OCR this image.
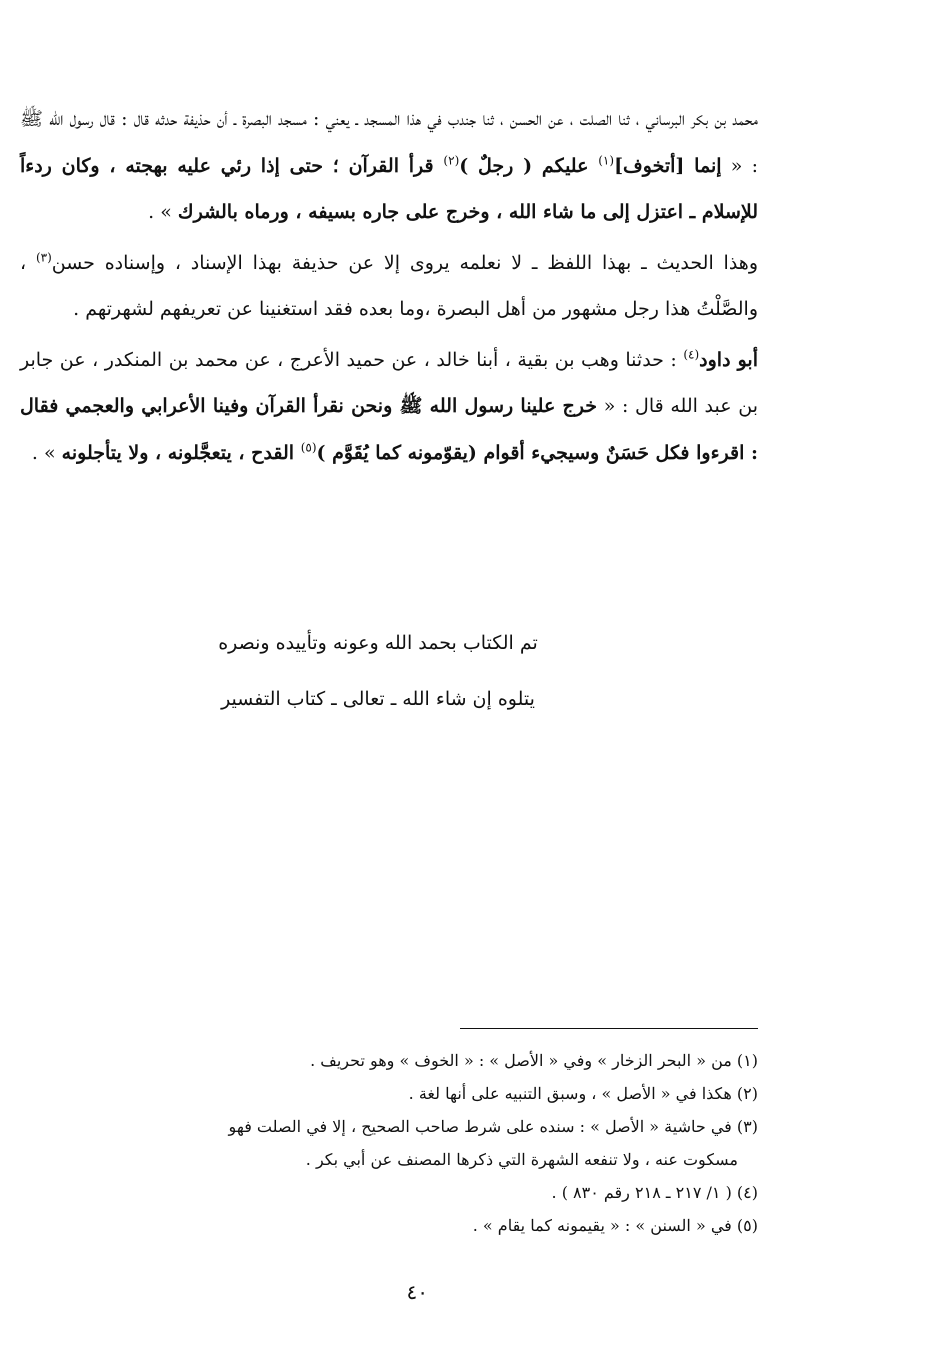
محمد بن بكر البرساني ، ثنا الصلت ، عن الحسن ، ثنا جندب في هذا المسجد ـ يعني : مسجد البصرة ـ أن حذيفة حدثه قال : قال رسول الله ﷺ : « إنما [أتخوف]$^{(١)}$ عليكم ( رجلٌ )$^{(٢)}$ قرأ القرآن ؛ حتى إذا رئي عليه بهجته ، وكان ردءاً للإسلام ـ اعتزل إلى ما شاء الله ، وخرج على جاره بسيفه ، ورماه بالشرك » .

وهذا الحديث ـ بهذا اللفظ ـ لا نعلمه يروى إلا عن حذيفة بهذا الإسناد ، وإسناده حسن$^{(٣)}$ ، والصَّلْتُ هذا رجل مشهور من أهل البصرة ،وما بعده فقد استغنينا عن تعريفهم لشهرتهم .

أبو داود$^{(٤)}$ : حدثنا وهب بن بقية ، أبنا خالد ، عن حميد الأعرج ، عن محمد بن المنكدر ، عن جابر بن عبد الله قال : « خرج علينا رسول الله ﷺ ونحن نقرأ القرآن وفينا الأعرابي والعجمي فقال : اقرءوا فكل حَسَنٌ وسيجيء أقوام (يقوّمونه كما يُقَوَّم )$^{(٥)}$ القدح ، يتعجَّلونه ، ولا يتأجلونه » .

تم الكتاب بحمد الله وعونه وتأييده ونصره
يتلوه إن شاء الله ـ تعالى ـ كتاب التفسير

(١) من « البحر الزخار » وفي « الأصل » : « الخوف » وهو تحريف .

(٢) هكذا في « الأصل » ، وسبق التنبيه على أنها لغة .

(٣) في حاشية « الأصل » : سنده على شرط صاحب الصحيح ، إلا في الصلت فهو

مسكوت عنه ، ولا تنفعه الشهرة التي ذكرها المصنف عن أبي بكر .

(٤) ( ١/ ٢١٧ ـ ٢١٨ رقم ٨٣٠ ) .

(٥) في « السنن » : « يقيمونه كما يقام » .

٤٠
